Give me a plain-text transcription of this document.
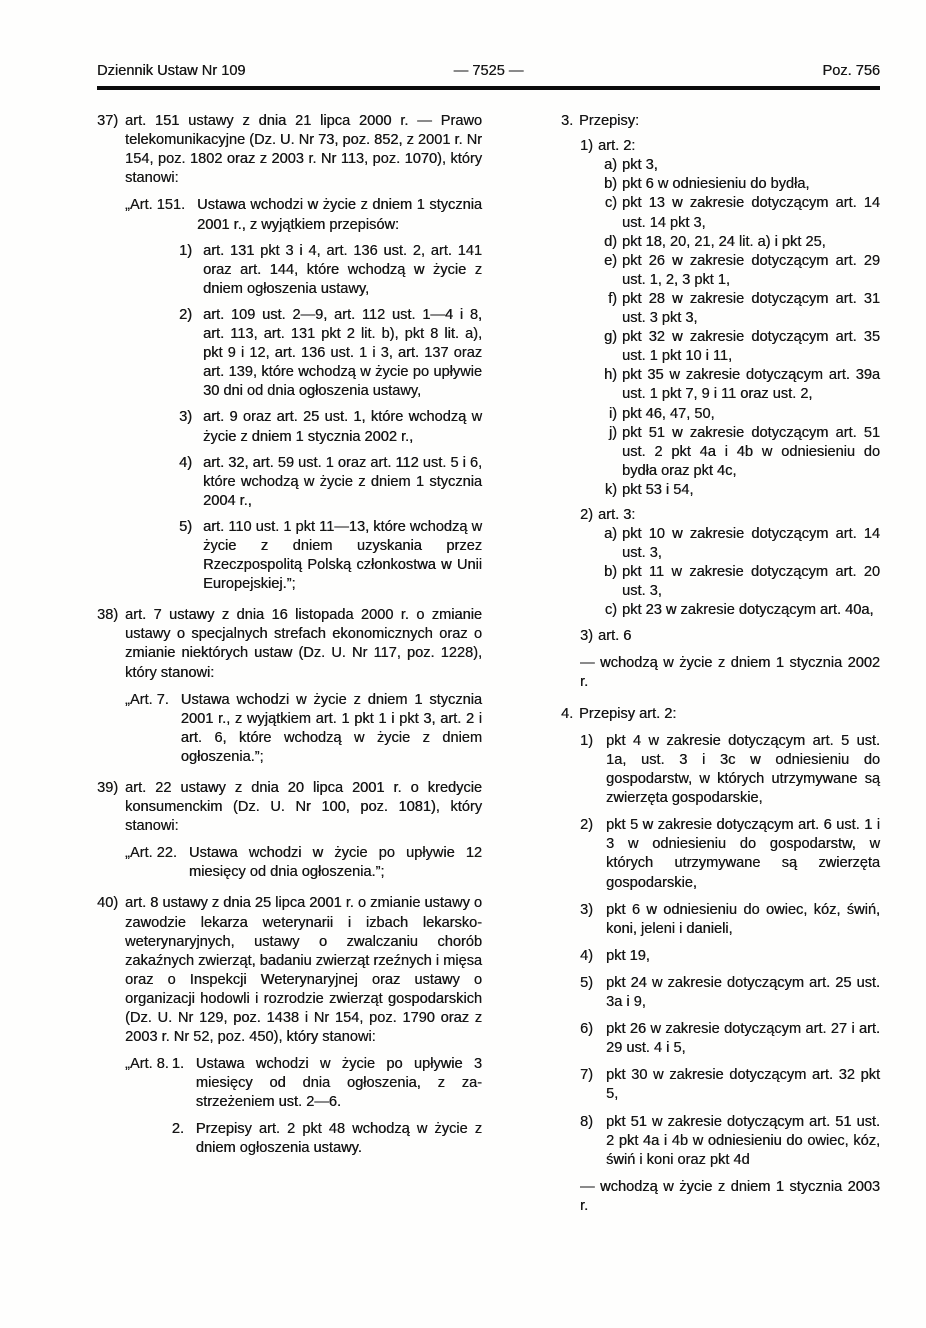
Dziennik Ustaw Nr 109	— 7525 —	Poz. 756
37) art. 151 ustawy z dnia 21 lipca 2000 r. — Prawo telekomunikacyjne (Dz. U. Nr 73, poz. 852, z 2001 r. Nr 154, poz. 1802 oraz z 2003 r. Nr 113, poz. 1070), który stanowi:

„Art. 151. Ustawa wchodzi w życie z dniem 1 stycznia 2001 r., z wyjątkiem przepisów:

1) art. 131 pkt 3 i 4, art. 136 ust. 2, art. 141 oraz art. 144, które wchodzą w życie z dniem ogłoszenia ustawy,

2) art. 109 ust. 2—9, art. 112 ust. 1—4 i 8, art. 113, art. 131 pkt 2 lit. b), pkt 8 lit. a), pkt 9 i 12, art. 136 ust. 1 i 3, art. 137 oraz art. 139, które wchodzą w życie po upływie 30 dni od dnia ogłoszenia ustawy,

3) art. 9 oraz art. 25 ust. 1, które wchodzą w życie z dniem 1 stycznia 2002 r.,

4) art. 32, art. 59 ust. 1 oraz art. 112 ust. 5 i 6, które wchodzą w życie z dniem 1 stycznia 2004 r.,

5) art. 110 ust. 1 pkt 11—13, które wchodzą w życie z dniem uzyskania przez Rzeczpospolitą Polską członkostwa w Unii Europejskiej.”;

38) art. 7 ustawy z dnia 16 listopada 2000 r. o zmianie ustawy o specjalnych strefach ekonomicznych oraz o zmianie niektórych ustaw (Dz. U. Nr 117, poz. 1228), który stanowi:

„Art. 7. Ustawa wchodzi w życie z dniem 1 stycznia 2001 r., z wyjątkiem art. 1 pkt 1 i pkt 3, art. 2 i art. 6, które wchodzą w życie z dniem ogłoszenia.”;

39) art. 22 ustawy z dnia 20 lipca 2001 r. o kredycie konsumenckim (Dz. U. Nr 100, poz. 1081), który stanowi:

„Art. 22. Ustawa wchodzi w życie po upływie 12 miesięcy od dnia ogłoszenia.”;

40) art. 8 ustawy z dnia 25 lipca 2001 r. o zmianie ustawy o zawodzie lekarza weterynarii i izbach lekarsko-weterynaryjnych, ustawy o zwalczaniu chorób zakaźnych zwierząt, badaniu zwierząt rzeźnych i mięsa oraz o Inspekcji Weterynaryjnej oraz ustawy o organizacji hodowli i rozrodzie zwierząt gospodarskich (Dz. U. Nr 129, poz. 1438 i Nr 154, poz. 1790 oraz z 2003 r. Nr 52, poz. 450), który stanowi:

„Art. 8. 1. Ustawa wchodzi w życie po upływie 3 miesięcy od dnia ogłoszenia, z zastrzeżeniem ust. 2—6.

2. Przepisy art. 2 pkt 48 wchodzą w życie z dniem ogłoszenia ustawy.

3. Przepisy:
1) art. 2:
a) pkt 3,

b) pkt 6 w odniesieniu do bydła,

c) pkt 13 w zakresie dotyczącym art. 14 ust. 14 pkt 3,

d) pkt 18, 20, 21, 24 lit. a) i pkt 25,

e) pkt 26 w zakresie dotyczącym art. 29 ust. 1, 2, 3 pkt 1,

f) pkt 28 w zakresie dotyczącym art. 31 ust. 3 pkt 3,

g) pkt 32 w zakresie dotyczącym art. 35 ust. 1 pkt 10 i 11,

h) pkt 35 w zakresie dotyczącym art. 39a ust. 1 pkt 7, 9 i 11 oraz ust. 2,

i) pkt 46, 47, 50,

j) pkt 51 w zakresie dotyczącym art. 51 ust. 2 pkt 4a i 4b w odniesieniu do bydła oraz pkt 4c,

k) pkt 53 i 54,

2) art. 3:
a) pkt 10 w zakresie dotyczącym art. 14 ust. 3,

b) pkt 11 w zakresie dotyczącym art. 20 ust. 3,

c) pkt 23 w zakresie dotyczącym art. 40a,

3) art. 6

— wchodzą w życie z dniem 1 stycznia 2002 r.

4. Przepisy art. 2:
1) pkt 4 w zakresie dotyczącym art. 5 ust. 1a, ust. 3 i 3c w odniesieniu do gospodarstw, w których utrzymywane są zwierzęta gospodarskie,

2) pkt 5 w zakresie dotyczącym art. 6 ust. 1 i 3 w odniesieniu do gospodarstw, w których utrzymywane są zwierzęta gospodarskie,

3) pkt 6 w odniesieniu do owiec, kóz, świń, koni, jeleni i danieli,

4) pkt 19,

5) pkt 24 w zakresie dotyczącym art. 25 ust. 3a i 9,

6) pkt 26 w zakresie dotyczącym art. 27 i art. 29 ust. 4 i 5,

7) pkt 30 w zakresie dotyczącym art. 32 pkt 5,

8) pkt 51 w zakresie dotyczącym art. 51 ust. 2 pkt 4a i 4b w odniesieniu do owiec, kóz, świń i koni oraz pkt 4d

— wchodzą w życie z dniem 1 stycznia 2003 r.
